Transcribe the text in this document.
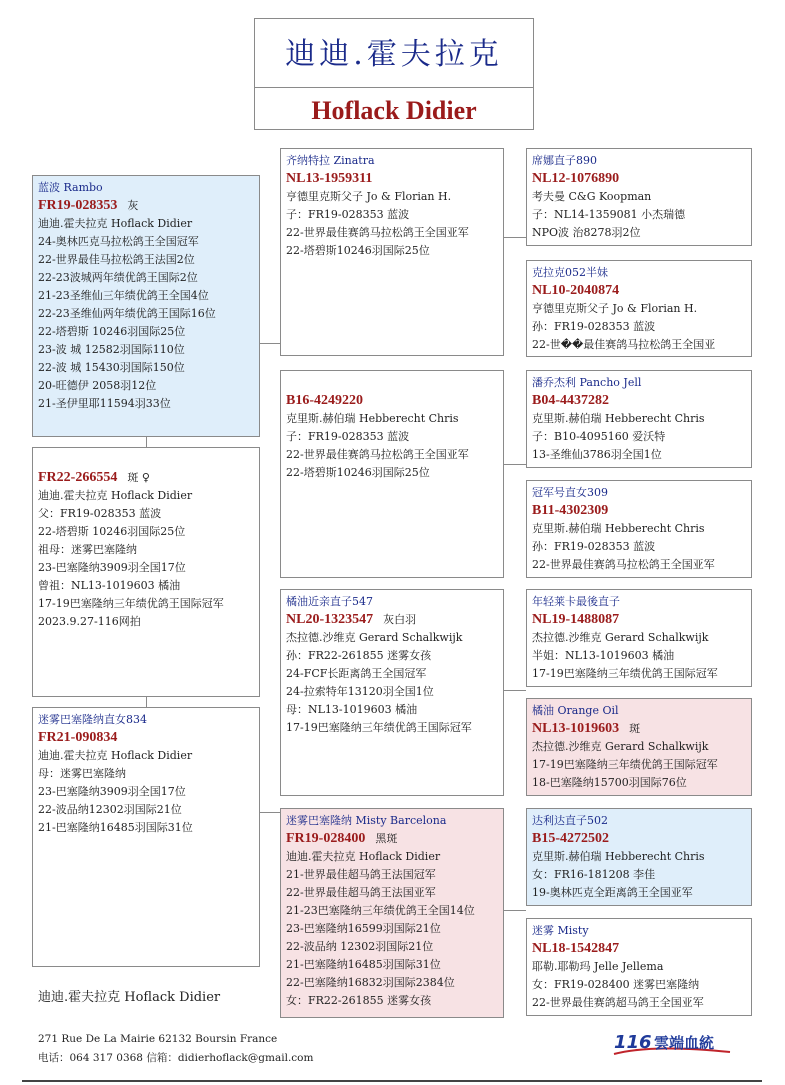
迪迪.霍夫拉克
Hoflack Didier
蓝波 Rambo
FR19-028353 灰
迪迪.霍夫拉克 Hoflack Didier
24-奥林匹克马拉松鸽王全国冠军
22-世界最佳马拉松鸽王法国2位
22-23波城两年绩优鸽王国际2位
21-23圣维仙三年绩优鸽王全国4位
22-23圣维仙两年绩优鸽王国际16位
22-塔碧斯 10246羽国际25位
23-波 城 12582羽国际110位
22-波 城 15430羽国际150位
20-旺德伊 2058羽12位
21-圣伊里耶11594羽33位
FR22-266554 斑 ♀
迪迪.霍夫拉克 Hoflack Didier
父：FR19-028353 蓝波
22-塔碧斯 10246羽国际25位
祖母：迷雾巴塞隆纳
23-巴塞隆纳3909羽全国17位
曾祖：NL13-1019603 橘油
17-19巴塞隆纳三年绩优鸽王国际冠军
2023.9.27-116网拍
迷雾巴塞隆纳直女834
FR21-090834
迪迪.霍夫拉克 Hoflack Didier
母：迷雾巴塞隆纳
23-巴塞隆纳3909羽全国17位
22-波品纳12302羽国际21位
21-巴塞隆纳16485羽国际31位
齐纳特拉 Zinatra
NL13-1959311
亨德里克斯父子 Jo & Florian H.
子：FR19-028353 蓝波
22-世界最佳赛鸽马拉松鸽王全国亚军
22-塔碧斯10246羽国际25位
B16-4249220
克里斯.赫伯瑞 Hebberecht Chris
子：FR19-028353 蓝波
22-世界最佳赛鸽马拉松鸽王全国亚军
22-塔碧斯10246羽国际25位
橘油近亲直子547
NL20-1323547 灰白羽
杰拉德.沙维克 Gerard Schalkwijk
孙：FR22-261855 迷雾女孩
24-FCF长距离鸽王全国冠军
24-拉索特年13120羽全国1位
母：NL13-1019603 橘油
17-19巴塞隆纳三年绩优鸽王国际冠军
迷雾巴塞隆纳 Misty Barcelona
FR19-028400 黑斑
迪迪.霍夫拉克 Hoflack Didier
21-世界最佳超马鸽王法国冠军
22-世界最佳超马鸽王法国亚军
21-23巴塞隆纳三年绩优鸽王全国14位
23-巴塞隆纳16599羽国际21位
22-波品纳 12302羽国际21位
21-巴塞隆纳16485羽国际31位
22-巴塞隆纳16832羽国际2384位
女：FR22-261855 迷雾女孩
席娜直子890
NL12-1076890
考夫曼 C&G Koopman
子：NL14-1359081 小杰瑞德
NPO波 治8278羽2位
克拉克052半妹
NL10-2040874
亨德里克斯父子 Jo & Florian H.
孙：FR19-028353 蓝波
22-世��最佳赛鸽马拉松鸽王全国亚
潘乔杰利 Pancho Jell
B04-4437282
克里斯.赫伯瑞 Hebberecht Chris
子：B10-4095160 爱沃特
13-圣维仙3786羽全国1位
冠军号直女309
B11-4302309
克里斯.赫伯瑞 Hebberecht Chris
孙：FR19-028353 蓝波
22-世界最佳赛鸽马拉松鸽王全国亚军
年轻莱卡最後直子
NL19-1488087
杰拉德.沙维克 Gerard Schalkwijk
半姐：NL13-1019603 橘油
17-19巴塞隆纳三年绩优鸽王国际冠军
橘油 Orange Oil
NL13-1019603 斑
杰拉德.沙维克 Gerard Schalkwijk
17-19巴塞隆纳三年绩优鸽王国际冠军
18-巴塞隆纳15700羽国际76位
达利达直子502
B15-4272502
克里斯.赫伯瑞 Hebberecht Chris
女：FR16-181208 李佳
19-奥林匹克全距离鸽王全国亚军
迷雾 Misty
NL18-1542847
耶勒.耶勒玛 Jelle Jellema
女：FR19-028400 迷雾巴塞隆纳
22-世界最佳赛鸽超马鸽王全国亚军
迪迪.霍夫拉克 Hoflack Didier
271 Rue De La Mairie 62132 Boursin France
电话：064 317 0368 信箱：didierhoflack@gmail.com
116 雲端血統
